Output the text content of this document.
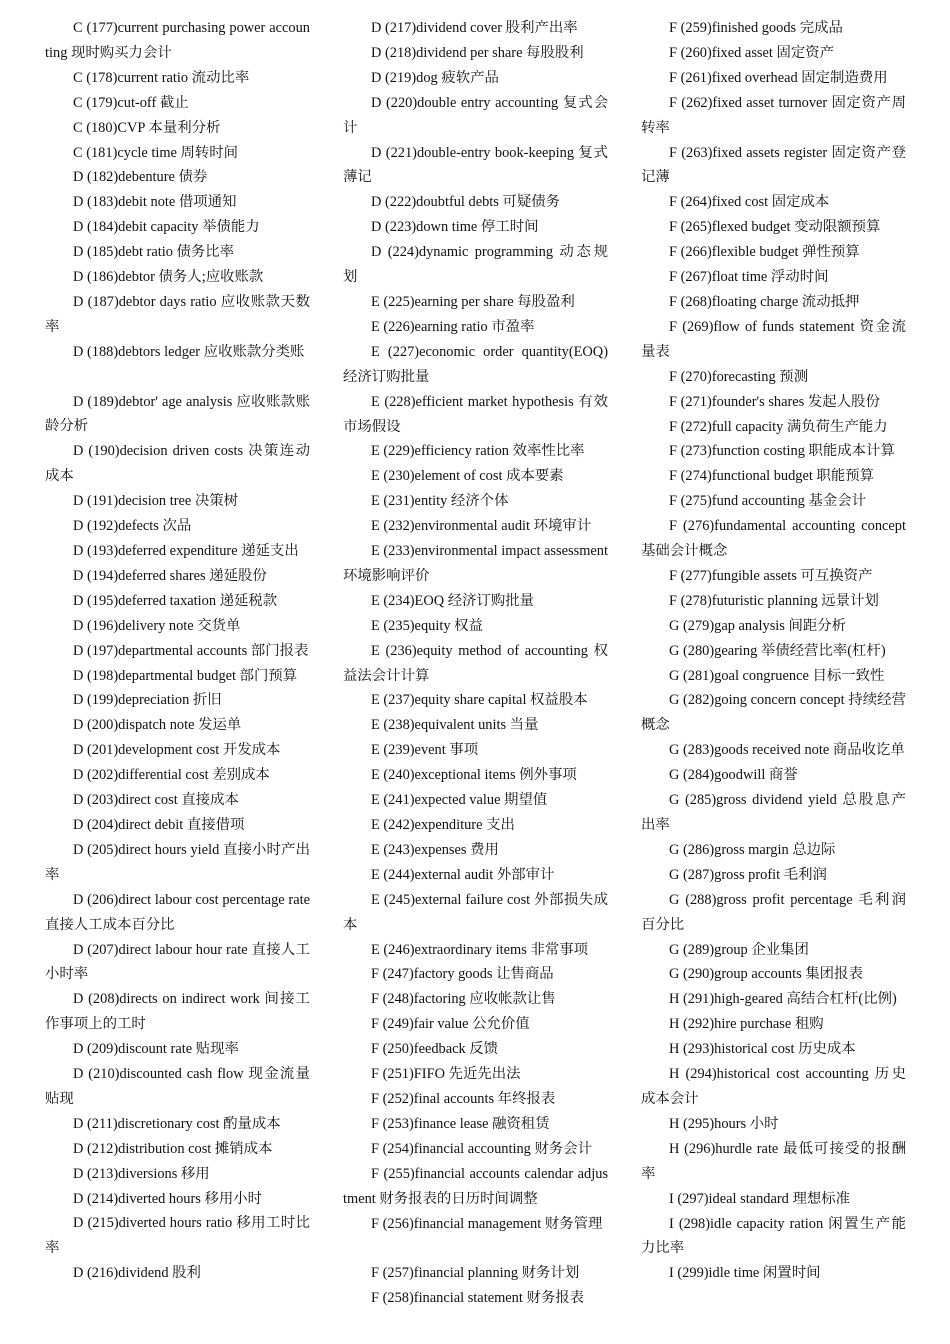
C (177)current purchasing power accounting 现时购买力会计

C (178)current ratio 流动比率

C (179)cut-off 截止

C (180)CVP 本量利分析

C (181)cycle time 周转时间

D (182)debenture 债券

D (183)debit note 借项通知

D (184)debit capacity 举债能力

D (185)debt ratio 债务比率

D (186)debtor 债务人;应收账款

D (187)debtor days ratio 应收账款天数率

D (188)debtors ledger 应收账款分类账

D (189)debtor' age analysis 应收账款账龄分析

D (190)decision driven costs 决策连动成本

D (191)decision tree 决策树

D (192)defects 次品

D (193)deferred expenditure 递延支出

D (194)deferred shares 递延股份

D (195)deferred taxation 递延税款

D (196)delivery note 交货单

D (197)departmental accounts 部门报表

D (198)departmental budget 部门预算

D (199)depreciation 折旧

D (200)dispatch note 发运单

D (201)development cost 开发成本

D (202)differential cost 差别成本

D (203)direct cost 直接成本

D (204)direct debit 直接借项

D (205)direct hours yield 直接小时产出率

D (206)direct labour cost percentage rate 直接人工成本百分比

D (207)direct labour hour rate 直接人工小时率

D (208)directs on indirect work 间接工作事项上的工时

D (209)discount rate 贴现率

D (210)discounted cash flow 现金流量贴现

D (211)discretionary cost 酌量成本

D (212)distribution cost 摊销成本

D (213)diversions 移用

D (214)diverted hours 移用小时

D (215)diverted hours ratio 移用工时比率

D (216)dividend 股利

D (217)dividend cover 股利产出率

D (218)dividend per share 每股股利

D (219)dog 疲软产品

D (220)double entry accounting 复式会计

D (221)double-entry book-keeping 复式薄记

D (222)doubtful debts 可疑债务

D (223)down time 停工时间

D (224)dynamic programming 动态规划

E (225)earning per share 每股盈利

E (226)earning ratio 市盈率

E (227)economic order quantity(EOQ) 经济订购批量

E (228)efficient market hypothesis 有效市场假设

E (229)efficiency ration 效率性比率

E (230)element of cost 成本要素

E (231)entity 经济个体

E (232)environmental audit 环境审计

E (233)environmental impact assessment 环境影响评价

E (234)EOQ 经济订购批量

E (235)equity 权益

E (236)equity method of accounting 权益法会计计算

E (237)equity share capital 权益股本

E (238)equivalent units 当量

E (239)event 事项

E (240)exceptional items 例外事项

E (241)expected value 期望值

E (242)expenditure 支出

E (243)expenses 费用

E (244)external audit 外部审计

E (245)external failure cost 外部损失成本

E (246)extraordinary items 非常事项

F (247)factory goods 让售商品

F (248)factoring 应收帐款让售

F (249)fair value 公允价值

F (250)feedback 反馈

F (251)FIFO 先近先出法

F (252)final accounts 年终报表

F (253)finance lease 融资租赁

F (254)financial accounting 财务会计

F (255)financial accounts calendar adjustment 财务报表的日历时间调整

F (256)financial management 财务管理

F (257)financial planning 财务计划

F (258)financial statement 财务报表

F (259)finished goods 完成品

F (260)fixed asset 固定资产

F (261)fixed overhead 固定制造费用

F (262)fixed asset turnover 固定资产周转率

F (263)fixed assets register 固定资产登记薄

F (264)fixed cost 固定成本

F (265)flexed budget 变动限额预算

F (266)flexible budget 弹性预算

F (267)float time 浮动时间

F (268)floating charge 流动抵押

F (269)flow of funds statement 资金流量表

F (270)forecasting 预测

F (271)founder's shares 发起人股份

F (272)full capacity 满负荷生产能力

F (273)function costing 职能成本计算

F (274)functional budget 职能预算

F (275)fund accounting 基金会计

F (276)fundamental accounting concept 基础会计概念

F (277)fungible assets 可互换资产

F (278)futuristic planning 远景计划

G (279)gap analysis 间距分析

G (280)gearing 举债经营比率(杠杆)

G (281)goal congruence 目标一致性

G (282)going concern concept 持续经营概念

G (283)goods received note 商品收讫单

G (284)goodwill 商誉

G (285)gross dividend yield 总股息产出率

G (286)gross margin 总边际

G (287)gross profit 毛利润

G (288)gross profit percentage 毛利润百分比

G (289)group 企业集团

G (290)group accounts 集团报表

H (291)high-geared 高结合杠杆(比例)

H (292)hire purchase 租购

H (293)historical cost 历史成本

H (294)historical cost accounting 历史成本会计

H (295)hours 小时

H (296)hurdle rate 最低可接受的报酬率

I (297)ideal standard 理想标准

I (298)idle capacity ration 闲置生产能力比率

I (299)idle time 闲置时间
